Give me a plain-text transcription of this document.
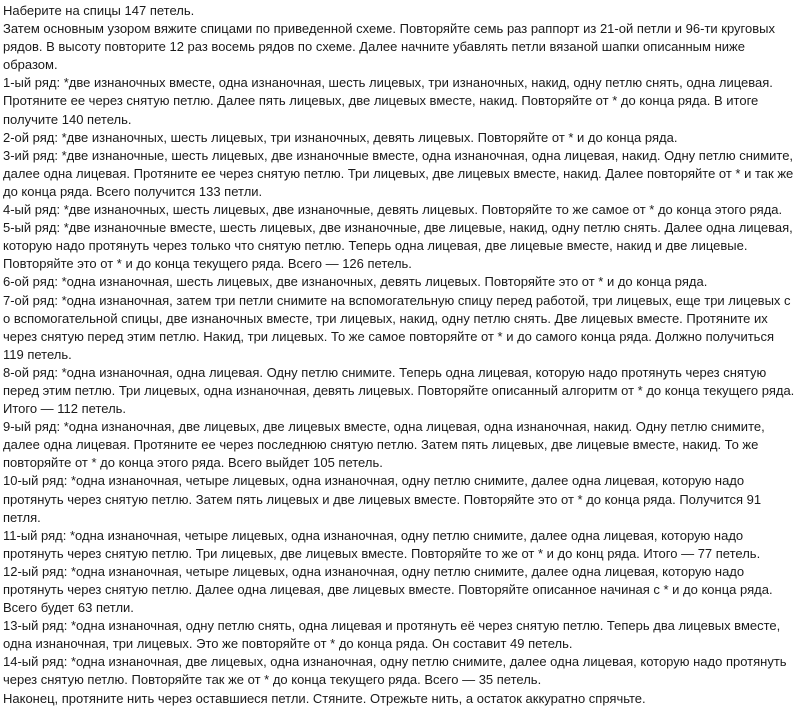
Наберите на спицы 147 петель.

Затем основным узором вяжите спицами по приведенной схеме. Повторяйте семь раз раппорт из 21-ой петли и 96-ти круговых рядов. В высоту повторите 12 раз восемь рядов по схеме. Далее начните убавлять петли вязаной шапки описанным ниже образом.

1-ый ряд: *две изнаночных вместе, одна изнаночная, шесть лицевых, три изнаночных, накид, одну петлю снять, одна лицевая. Протяните ее через снятую петлю. Далее пять лицевых, две лицевых вместе, накид. Повторяйте от * до конца ряда. В итоге получите 140 петель.

2-ой ряд: *две изнаночных, шесть лицевых, три изнаночных, девять лицевых. Повторяйте от * и до конца ряда.

3-ий ряд: *две изнаночные, шесть лицевых, две изнаночные вместе, одна изнаночная, одна лицевая, накид. Одну петлю снимите, далее одна лицевая. Протяните ее через снятую петлю. Три лицевых, две лицевых вместе, накид. Далее повторяйте от * и так же до конца ряда. Всего получится 133 петли.

4-ый ряд: *две изнаночных, шесть лицевых, две изнаночные, девять лицевых. Повторяйте то же самое от * до конца этого ряда.

5-ый ряд: *две изнаночные вместе, шесть лицевых, две изнаночные, две лицевые, накид, одну петлю снять. Далее одна лицевая, которую надо протянуть через только что снятую петлю. Теперь одна лицевая, две лицевые вместе, накид и две лицевые. Повторяйте это от * и до конца текущего ряда. Всего — 126 петель.

6-ой ряд: *одна изнаночная, шесть лицевых, две изнаночных, девять лицевых. Повторяйте это от * и до конца ряда.

7-ой ряд: *одна изнаночная, затем три петли снимите на вспомогательную спицу перед работой, три лицевых, еще три лицевых с о вспомогательной спицы, две изнаночных вместе, три лицевых, накид, одну петлю снять. Две лицевых вместе. Протяните их через снятую перед этим петлю. Накид, три лицевых. То же самое повторяйте от * и до самого конца ряда. Должно получиться 119 петель.

8-ой ряд: *одна изнаночная, одна лицевая. Одну петлю снимите. Теперь одна лицевая, которую надо протянуть через снятую перед этим петлю. Три лицевых, одна изнаночная, девять лицевых. Повторяйте описанный алгоритм от * до конца текущего ряда. Итого — 112 петель.

9-ый ряд: *одна изнаночная, две лицевых, две лицевых вместе, одна лицевая, одна изнаночная, накид. Одну петлю снимите, далее одна лицевая. Протяните ее через последнюю снятую петлю. Затем пять лицевых, две лицевые вместе, накид. То же повторяйте от * до конца этого ряда. Всего выйдет 105 петель.

10-ый ряд: *одна изнаночная, четыре лицевых, одна изнаночная, одну петлю снимите, далее одна лицевая, которую надо протянуть через снятую петлю. Затем пять лицевых и две лицевых вместе. Повторяйте это от * до конца ряда. Получится 91 петля.

11-ый ряд: *одна изнаночная, четыре лицевых, одна изнаночная, одну петлю снимите, далее одна лицевая, которую надо протянуть через снятую петлю. Три лицевых, две лицевых вместе. Повторяйте то же от * и до конц ряда. Итого — 77 петель.

12-ый ряд: *одна изнаночная, четыре лицевых, одна изнаночная, одну петлю снимите, далее одна лицевая, которую надо протянуть через снятую петлю. Далее одна лицевая, две лицевых вместе. Повторяйте описанное начиная с * и до конца ряда. Всего будет 63 петли.

13-ый ряд: *одна изнаночная, одну петлю снять, одна лицевая и протянуть её через снятую петлю. Теперь два лицевых вместе, одна изнаночная, три лицевых. Это же повторяйте от * до конца ряда. Он составит 49 петель.

14-ый ряд: *одна изнаночная, две лицевых, одна изнаночная, одну петлю снимите, далее одна лицевая, которую надо протянуть через снятую петлю. Повторяйте так же от * до конца текущего ряда. Всего — 35 петель.

Наконец, протяните нить через оставшиеся петли. Стяните. Отрежьте нить, а остаток аккуратно спрячьте.
